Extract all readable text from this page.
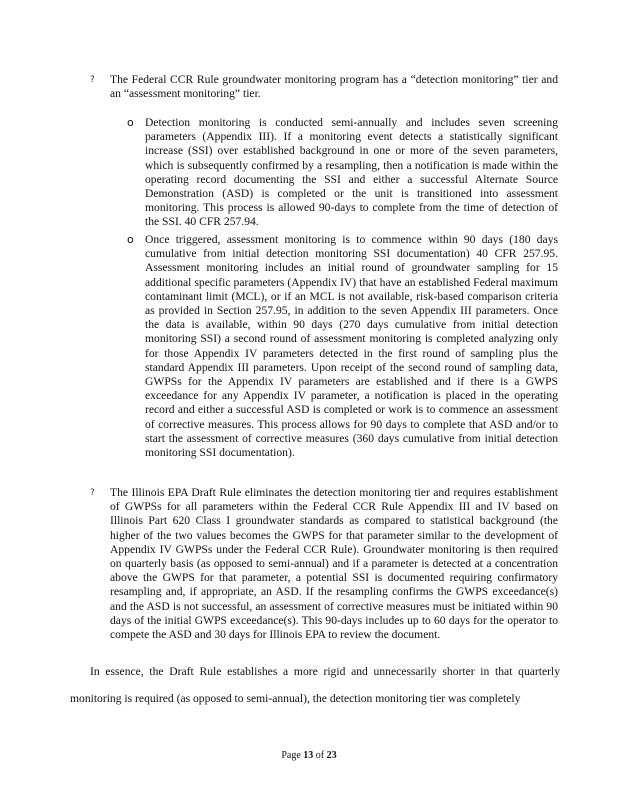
?	The Federal CCR Rule groundwater monitoring program has a “detection monitoring” tier and an “assessment monitoring” tier.
o Detection monitoring is conducted semi-annually and includes seven screening parameters (Appendix III). If a monitoring event detects a statistically significant increase (SSI) over established background in one or more of the seven parameters, which is subsequently confirmed by a resampling, then a notification is made within the operating record documenting the SSI and either a successful Alternate Source Demonstration (ASD) is completed or the unit is transitioned into assessment monitoring. This process is allowed 90-days to complete from the time of detection of the SSI. 40 CFR 257.94.
o Once triggered, assessment monitoring is to commence within 90 days (180 days cumulative from initial detection monitoring SSI documentation) 40 CFR 257.95. Assessment monitoring includes an initial round of groundwater sampling for 15 additional specific parameters (Appendix IV) that have an established Federal maximum contaminant limit (MCL), or if an MCL is not available, risk-based comparison criteria as provided in Section 257.95, in addition to the seven Appendix III parameters. Once the data is available, within 90 days (270 days cumulative from initial detection monitoring SSI) a second round of assessment monitoring is completed analyzing only for those Appendix IV parameters detected in the first round of sampling plus the standard Appendix III parameters. Upon receipt of the second round of sampling data, GWPSs for the Appendix IV parameters are established and if there is a GWPS exceedance for any Appendix IV parameter, a notification is placed in the operating record and either a successful ASD is completed or work is to commence an assessment of corrective measures. This process allows for 90 days to complete that ASD and/or to start the assessment of corrective measures (360 days cumulative from initial detection monitoring SSI documentation).
?	The Illinois EPA Draft Rule eliminates the detection monitoring tier and requires establishment of GWPSs for all parameters within the Federal CCR Rule Appendix III and IV based on Illinois Part 620 Class I groundwater standards as compared to statistical background (the higher of the two values becomes the GWPS for that parameter similar to the development of Appendix IV GWPSs under the Federal CCR Rule). Groundwater monitoring is then required on quarterly basis (as opposed to semi-annual) and if a parameter is detected at a concentration above the GWPS for that parameter, a potential SSI is documented requiring confirmatory resampling and, if appropriate, an ASD. If the resampling confirms the GWPS exceedance(s) and the ASD is not successful, an assessment of corrective measures must be initiated within 90 days of the initial GWPS exceedance(s). This 90-days includes up to 60 days for the operator to compete the ASD and 30 days for Illinois EPA to review the document.
In essence, the Draft Rule establishes a more rigid and unnecessarily shorter in that quarterly monitoring is required (as opposed to semi-annual), the detection monitoring tier was completely
Page 13 of 23
